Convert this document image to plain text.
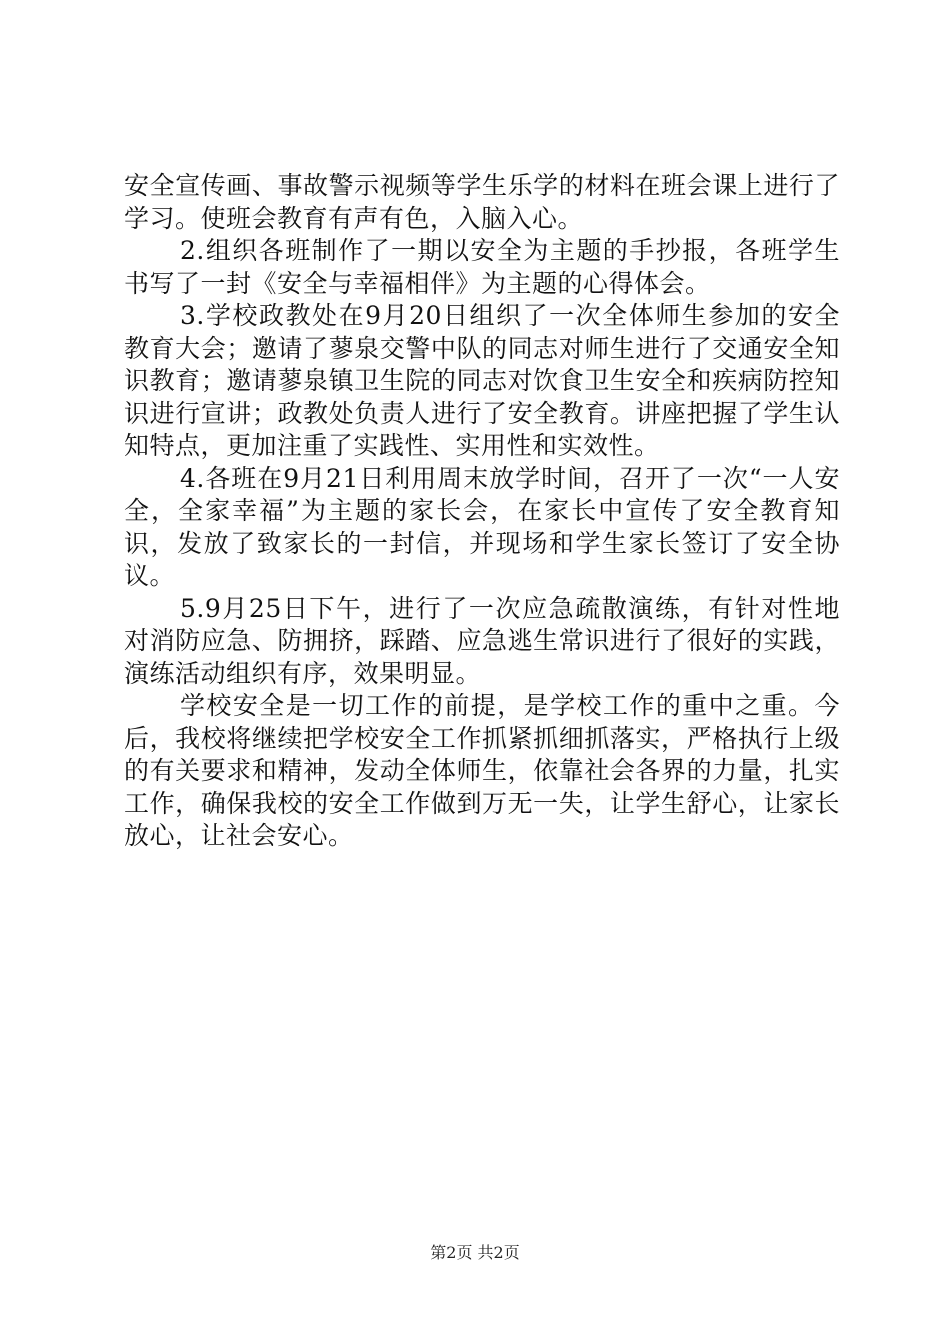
安全宣传画、事故警示视频等学生乐学的材料在班会课上进行了学习。使班会教育有声有色，入脑入心。

2.组织各班制作了一期以安全为主题的手抄报，各班学生书写了一封《安全与幸福相伴》为主题的心得体会。

3.学校政教处在9月20日组织了一次全体师生参加的安全教育大会；邀请了蓼泉交警中队的同志对师生进行了交通安全知识教育；邀请蓼泉镇卫生院的同志对饮食卫生安全和疾病防控知识进行宣讲；政教处负责人进行了安全教育。讲座把握了学生认知特点，更加注重了实践性、实用性和实效性。

4.各班在9月21日利用周末放学时间，召开了一次“一人安全，全家幸福”为主题的家长会，在家长中宣传了安全教育知识，发放了致家长的一封信，并现场和学生家长签订了安全协议。

5.9月25日下午，进行了一次应急疏散演练，有针对性地对消防应急、防拥挤，踩踏、应急逃生常识进行了很好的实践，演练活动组织有序，效果明显。

学校安全是一切工作的前提，是学校工作的重中之重。今后，我校将继续把学校安全工作抓紧抓细抓落实，严格执行上级的有关要求和精神，发动全体师生，依靠社会各界的力量，扎实工作，确保我校的安全工作做到万无一失，让学生舒心，让家长放心，让社会安心。

第2页 共2页
